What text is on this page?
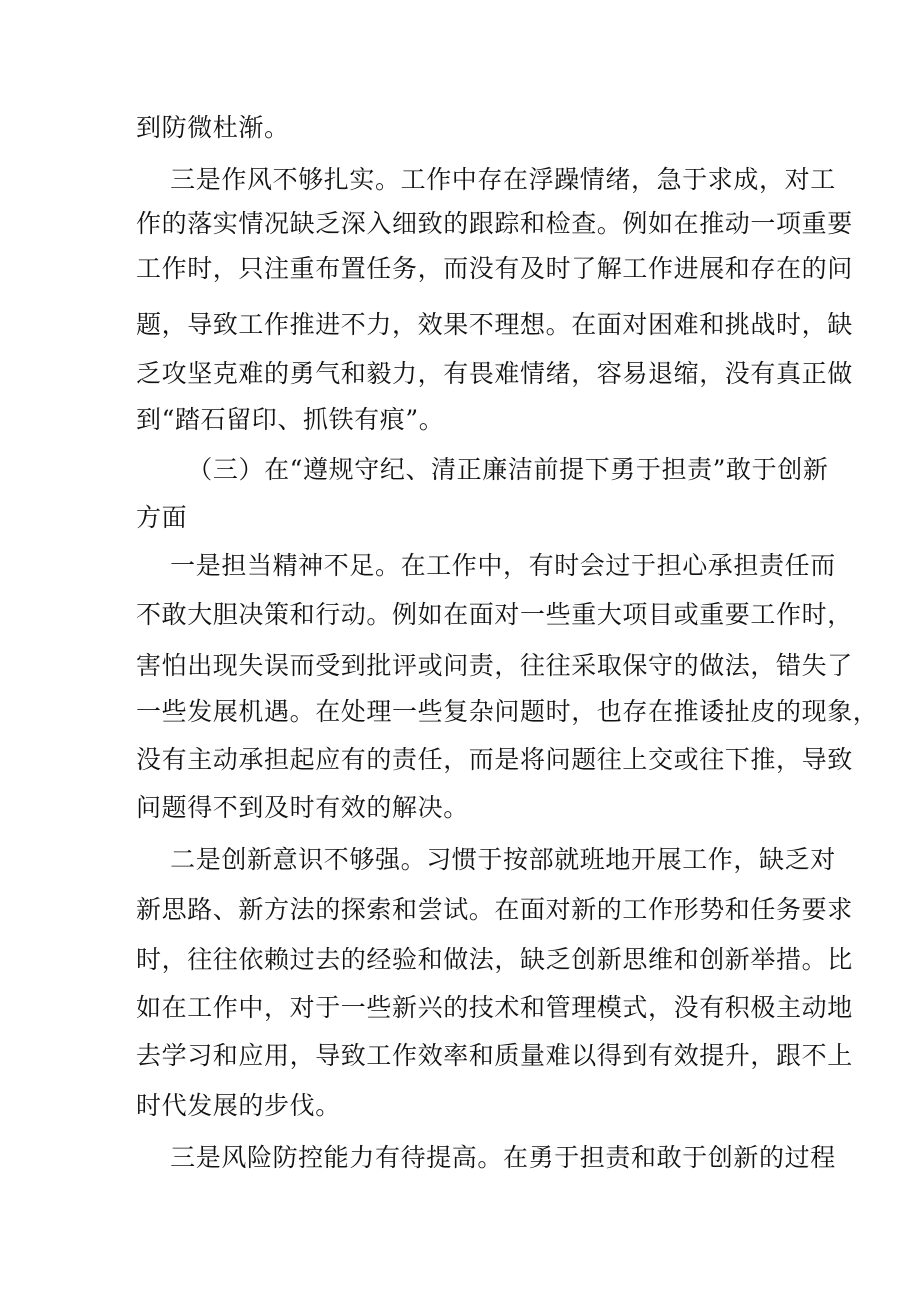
到防微杜渐。
三是作风不够扎实。工作中存在浮躁情绪，急于求成，对工
作的落实情况缺乏深入细致的跟踪和检查。例如在推动一项重要
工作时，只注重布置任务，而没有及时了解工作进展和存在的问
题，导致工作推进不力，效果不理想。在面对困难和挑战时，缺
乏攻坚克难的勇气和毅力，有畏难情绪，容易退缩，没有真正做
到“踏石留印、抓铁有痕”。
（三）在“遵规守纪、清正廉洁前提下勇于担责”敢于创新
方面
一是担当精神不足。在工作中，有时会过于担心承担责任而
不敢大胆决策和行动。例如在面对一些重大项目或重要工作时，
害怕出现失误而受到批评或问责，往往采取保守的做法，错失了
一些发展机遇。在处理一些复杂问题时，也存在推诿扯皮的现象，
没有主动承担起应有的责任，而是将问题往上交或往下推，导致
问题得不到及时有效的解决。
二是创新意识不够强。习惯于按部就班地开展工作，缺乏对
新思路、新方法的探索和尝试。在面对新的工作形势和任务要求
时，往往依赖过去的经验和做法，缺乏创新思维和创新举措。比
如在工作中，对于一些新兴的技术和管理模式，没有积极主动地
去学习和应用，导致工作效率和质量难以得到有效提升，跟不上
时代发展的步伐。
三是风险防控能力有待提高。在勇于担责和敢于创新的过程
